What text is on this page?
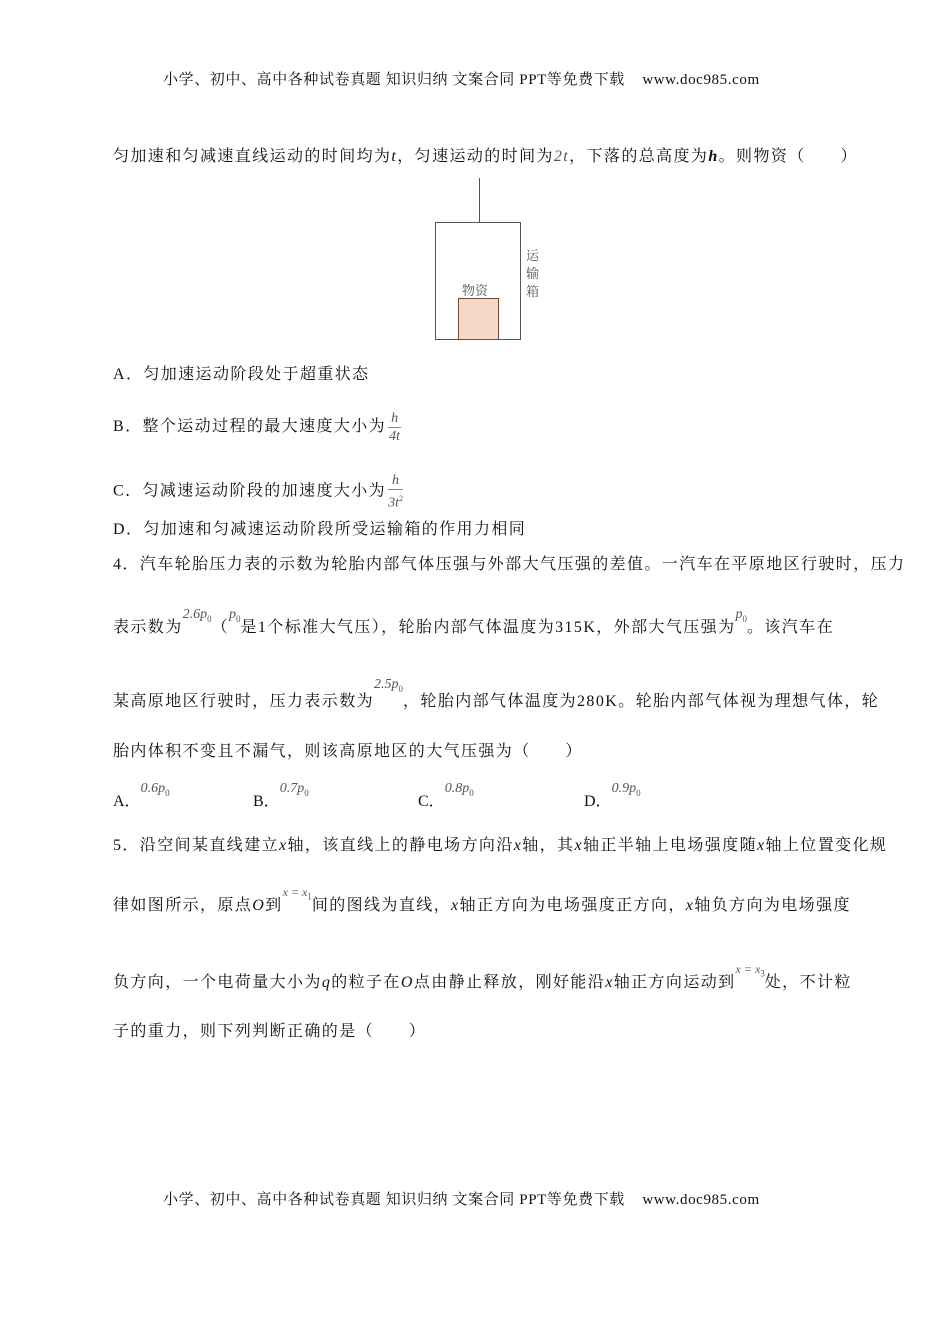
小学、初中、高中各种试卷真题 知识归纳 文案合同 PPT等免费下载 www.doc985.com
匀加速和匀减速直线运动的时间均为t，匀速运动的时间为2t，下落的总高度为h。则物资（　　）
物资
运输箱
A．匀加速运动阶段处于超重状态
B．整个运动过程的最大速度大小为 $\frac{h}{4t}$
C．匀减速运动阶段的加速度大小为 $\frac{h}{3t^2}$
D．匀加速和匀减速运动阶段所受运输箱的作用力相同
4．汽车轮胎压力表的示数为轮胎内部气体压强与外部大气压强的差值。一汽车在平原地区行驶时，压力
表示数为$2.6p_0(p_0$是1个标准大气压），轮胎内部气体温度为315K，外部大气压强为$p_0$。该汽车在
某高原地区行驶时，压力表示数为$2.5p_0$，轮胎内部气体温度为280K。轮胎内部气体视为理想气体，轮
胎内体积不变且不漏气，则该高原地区的大气压强为（　　）
A．$0.6p_0$
B．$0.7p_0$
C．$0.8p_0$
D．$0.9p_0$
5．沿空间某直线建立x轴，该直线上的静电场方向沿x轴，其x轴正半轴上电场强度随x轴上位置变化规
律如图所示，原点O到$^{x = x_1}$间的图线为直线，x轴正方向为电场强度正方向，x轴负方向为电场强度
负方向，一个电荷量大小为q的粒子在O点由静止释放，刚好能沿x轴正方向运动到$^{x = x_3}$处，不计粒
子的重力，则下列判断正确的是（　　）
小学、初中、高中各种试卷真题 知识归纳 文案合同 PPT等免费下载 www.doc985.com
